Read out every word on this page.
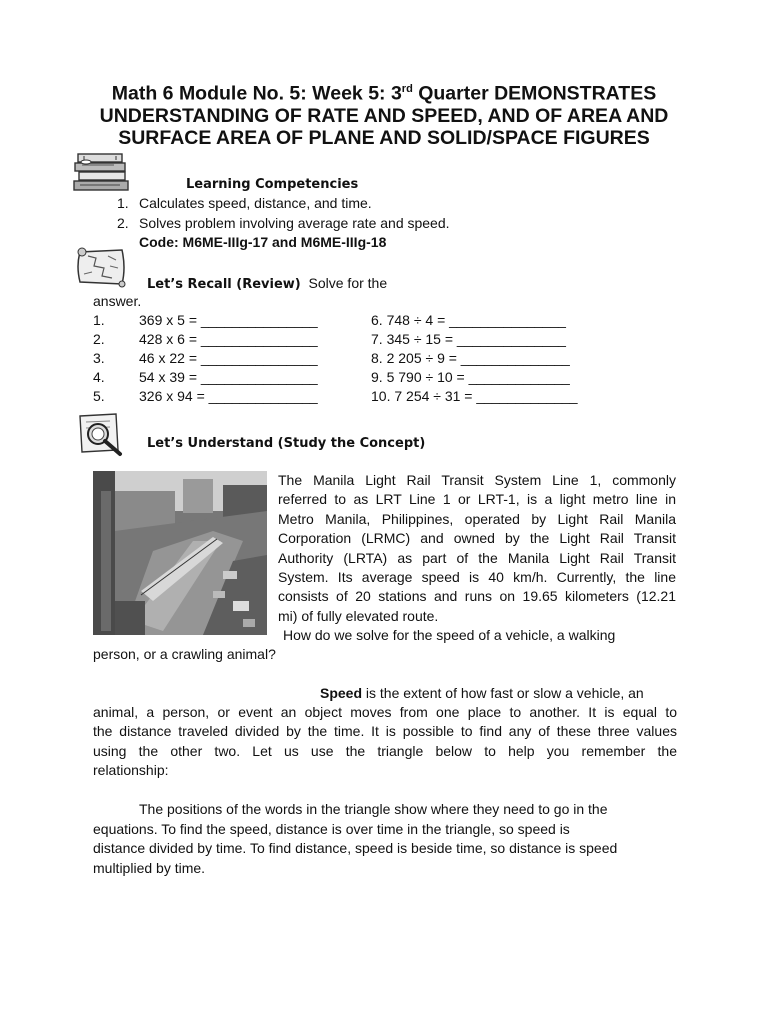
Math 6 Module No. 5: Week 5: 3rd Quarter DEMONSTRATES
UNDERSTANDING OF RATE AND SPEED, AND OF AREA AND
SURFACE AREA OF PLANE AND SOLID/SPACE FIGURES
Learning Competencies
1. Calculates speed, distance, and time.
2. Solves problem involving average rate and speed.
Code: M6ME-IIIg-17 and M6ME-IIIg-18
Let’s Recall (Review) Solve for the
answer.
1. 369 x 5 = _______________
2. 428 x 6 = _______________
3. 46 x 22 = _______________
4. 54 x 39 = _______________
5. 326 x 94 = ______________
6. 748 ÷ 4 = _______________
7. 345 ÷ 15 = ______________
8. 2 205 ÷ 9 = ______________
9. 5 790 ÷ 10 = _____________
10. 7 254 ÷ 31 = _____________
Let’s Understand (Study the Concept)
The Manila Light Rail Transit System Line 1, commonly
referred to as LRT Line 1 or LRT-1, is a light metro line in
Metro Manila, Philippines, operated by Light Rail Manila
Corporation (LRMC) and owned by the Light Rail Transit
Authority (LRTA) as part of the Manila Light Rail Transit
System. Its average speed is 40 km/h. Currently, the line
consists of 20 stations and runs on 19.65 kilometers (12.21
mi) of fully elevated route.
How do we solve for the speed of a vehicle, a walking
person, or a crawling animal?
Speed is the extent of how fast or slow a vehicle, an
animal, a person, or event an object moves from one place to another. It is equal to
the distance traveled divided by the time. It is possible to find any of these three values
using the other two. Let us use the triangle below to help you remember the
relationship:
The positions of the words in the triangle show where they need to go in the
equations. To find the speed, distance is over time in the triangle, so speed is
distance divided by time. To find distance, speed is beside time, so distance is speed
multiplied by time.
